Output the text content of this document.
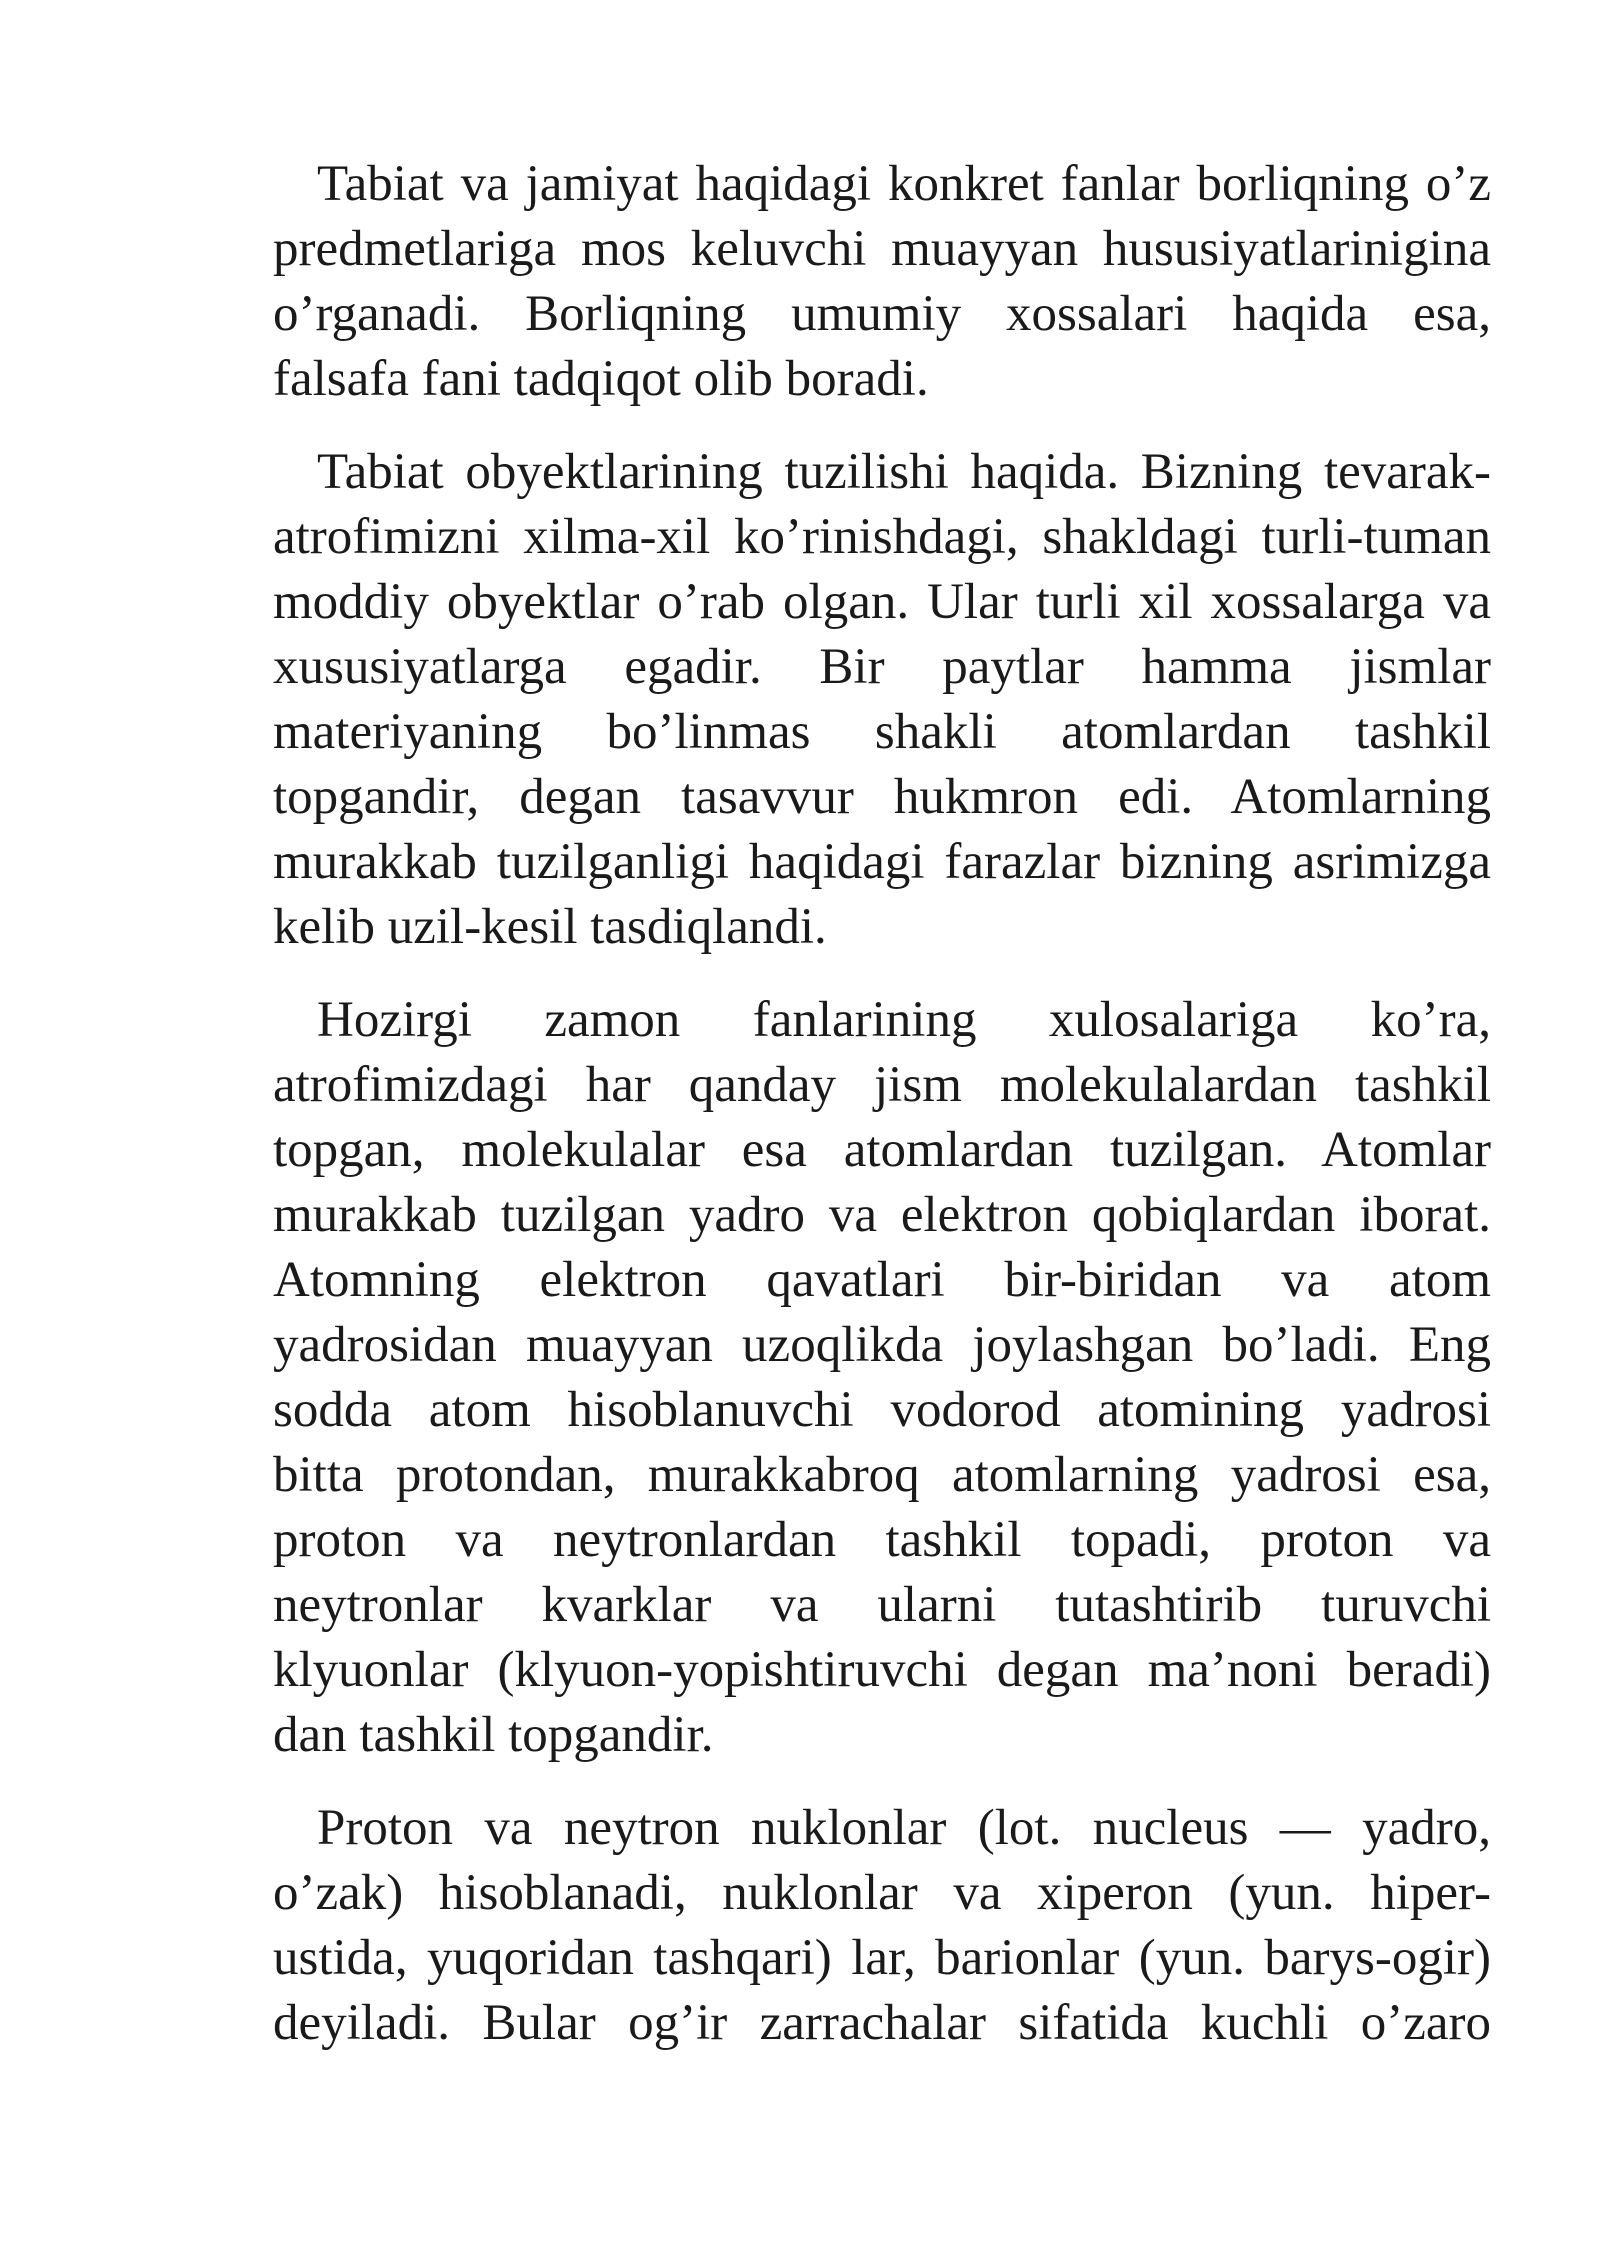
Tabiat va jamiyat haqidagi konkret fanlar borliqning o’z
predmetlariga mos keluvchi muayyan hususiyatlarinigina
o’rganadi. Borliqning umumiy xossalari haqida esa,
falsafa fani tadqiqot olib boradi.
Tabiat obyektlarining tuzilishi haqida. Bizning tevarak-
atrofimizni xilma-xil ko’rinishdagi, shakldagi turli-tuman
moddiy obyektlar o’rab olgan. Ular turli xil xossalarga va
xususiyatlarga egadir. Bir paytlar hamma jismlar
materiyaning bo’linmas shakli atomlardan tashkil
topgandir, degan tasavvur hukmron edi. Atomlarning
murakkab tuzilganligi haqidagi farazlar bizning asrimizga
kelib uzil-kesil tasdiqlandi.
Hozirgi zamon fanlarining xulosalariga ko’ra,
atrofimizdagi har qanday jism molekulalardan tashkil
topgan, molekulalar esa atomlardan tuzilgan. Atomlar
murakkab tuzilgan yadro va elektron qobiqlardan iborat.
Atomning elektron qavatlari bir-biridan va atom
yadrosidan muayyan uzoqlikda joylashgan bo’ladi. Eng
sodda atom hisoblanuvchi vodorod atomining yadrosi
bitta protondan, murakkabroq atomlarning yadrosi esa,
proton va neytronlardan tashkil topadi, proton va
neytronlar kvarklar va ularni tutashtirib turuvchi
klyuonlar (klyuon-yopishtiruvchi degan ma’noni beradi)
dan tashkil topgandir.
Proton va neytron nuklonlar (lot. nucleus — yadro,
o’zak) hisoblanadi, nuklonlar va xiperon (yun. hiper-
ustida, yuqoridan tashqari) lar, barionlar (yun. barys-ogir)
deyiladi. Bular og’ir zarrachalar sifatida kuchli o’zaro
